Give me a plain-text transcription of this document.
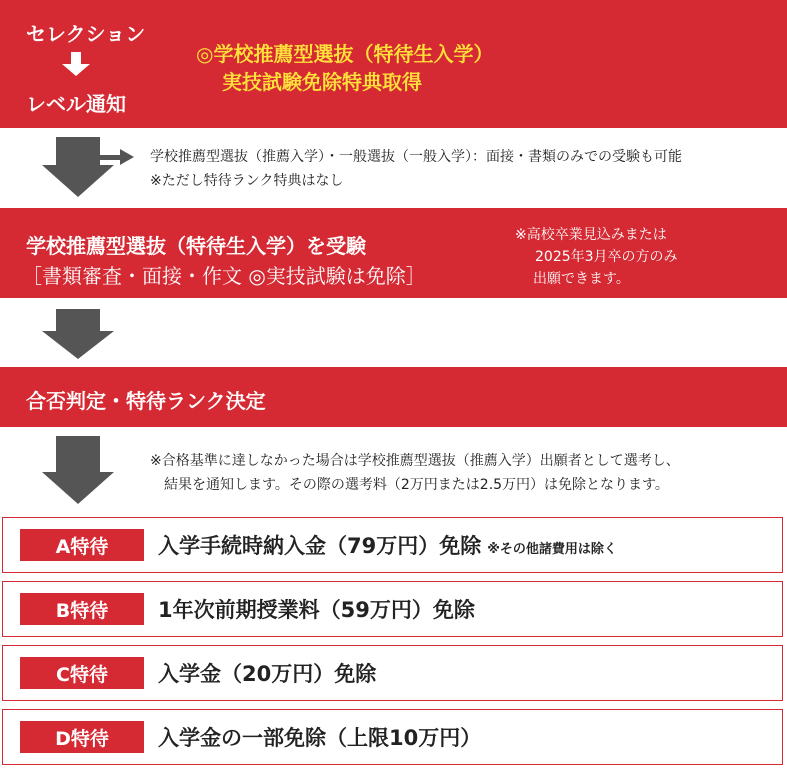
セレクション
レベル通知
◎学校推薦型選抜（特待生入学）
実技試験免除特典取得
学校推薦型選抜（推薦入学）・一般選抜（一般入学）：面接・書類のみでの受験も可能
※ただし特待ランク特典はなし
学校推薦型選抜（特待生入学）を受験
［書類審査・面接・作文 ◎実技試験は免除］
※高校卒業見込みまたは
2025年3月卒の方のみ
出願できます。
合否判定・特待ランク決定
※合格基準に達しなかった場合は学校推薦型選抜（推薦入学）出願者として選考し、
結果を通知します。その際の選考料（2万円または2.5万円）は免除となります。
A特待	入学手続時納入金（79万円）免除 ※その他諸費用は除く
B特待	1年次前期授業料（59万円）免除
C特待	入学金（20万円）免除
D特待	入学金の一部免除（上限10万円）
